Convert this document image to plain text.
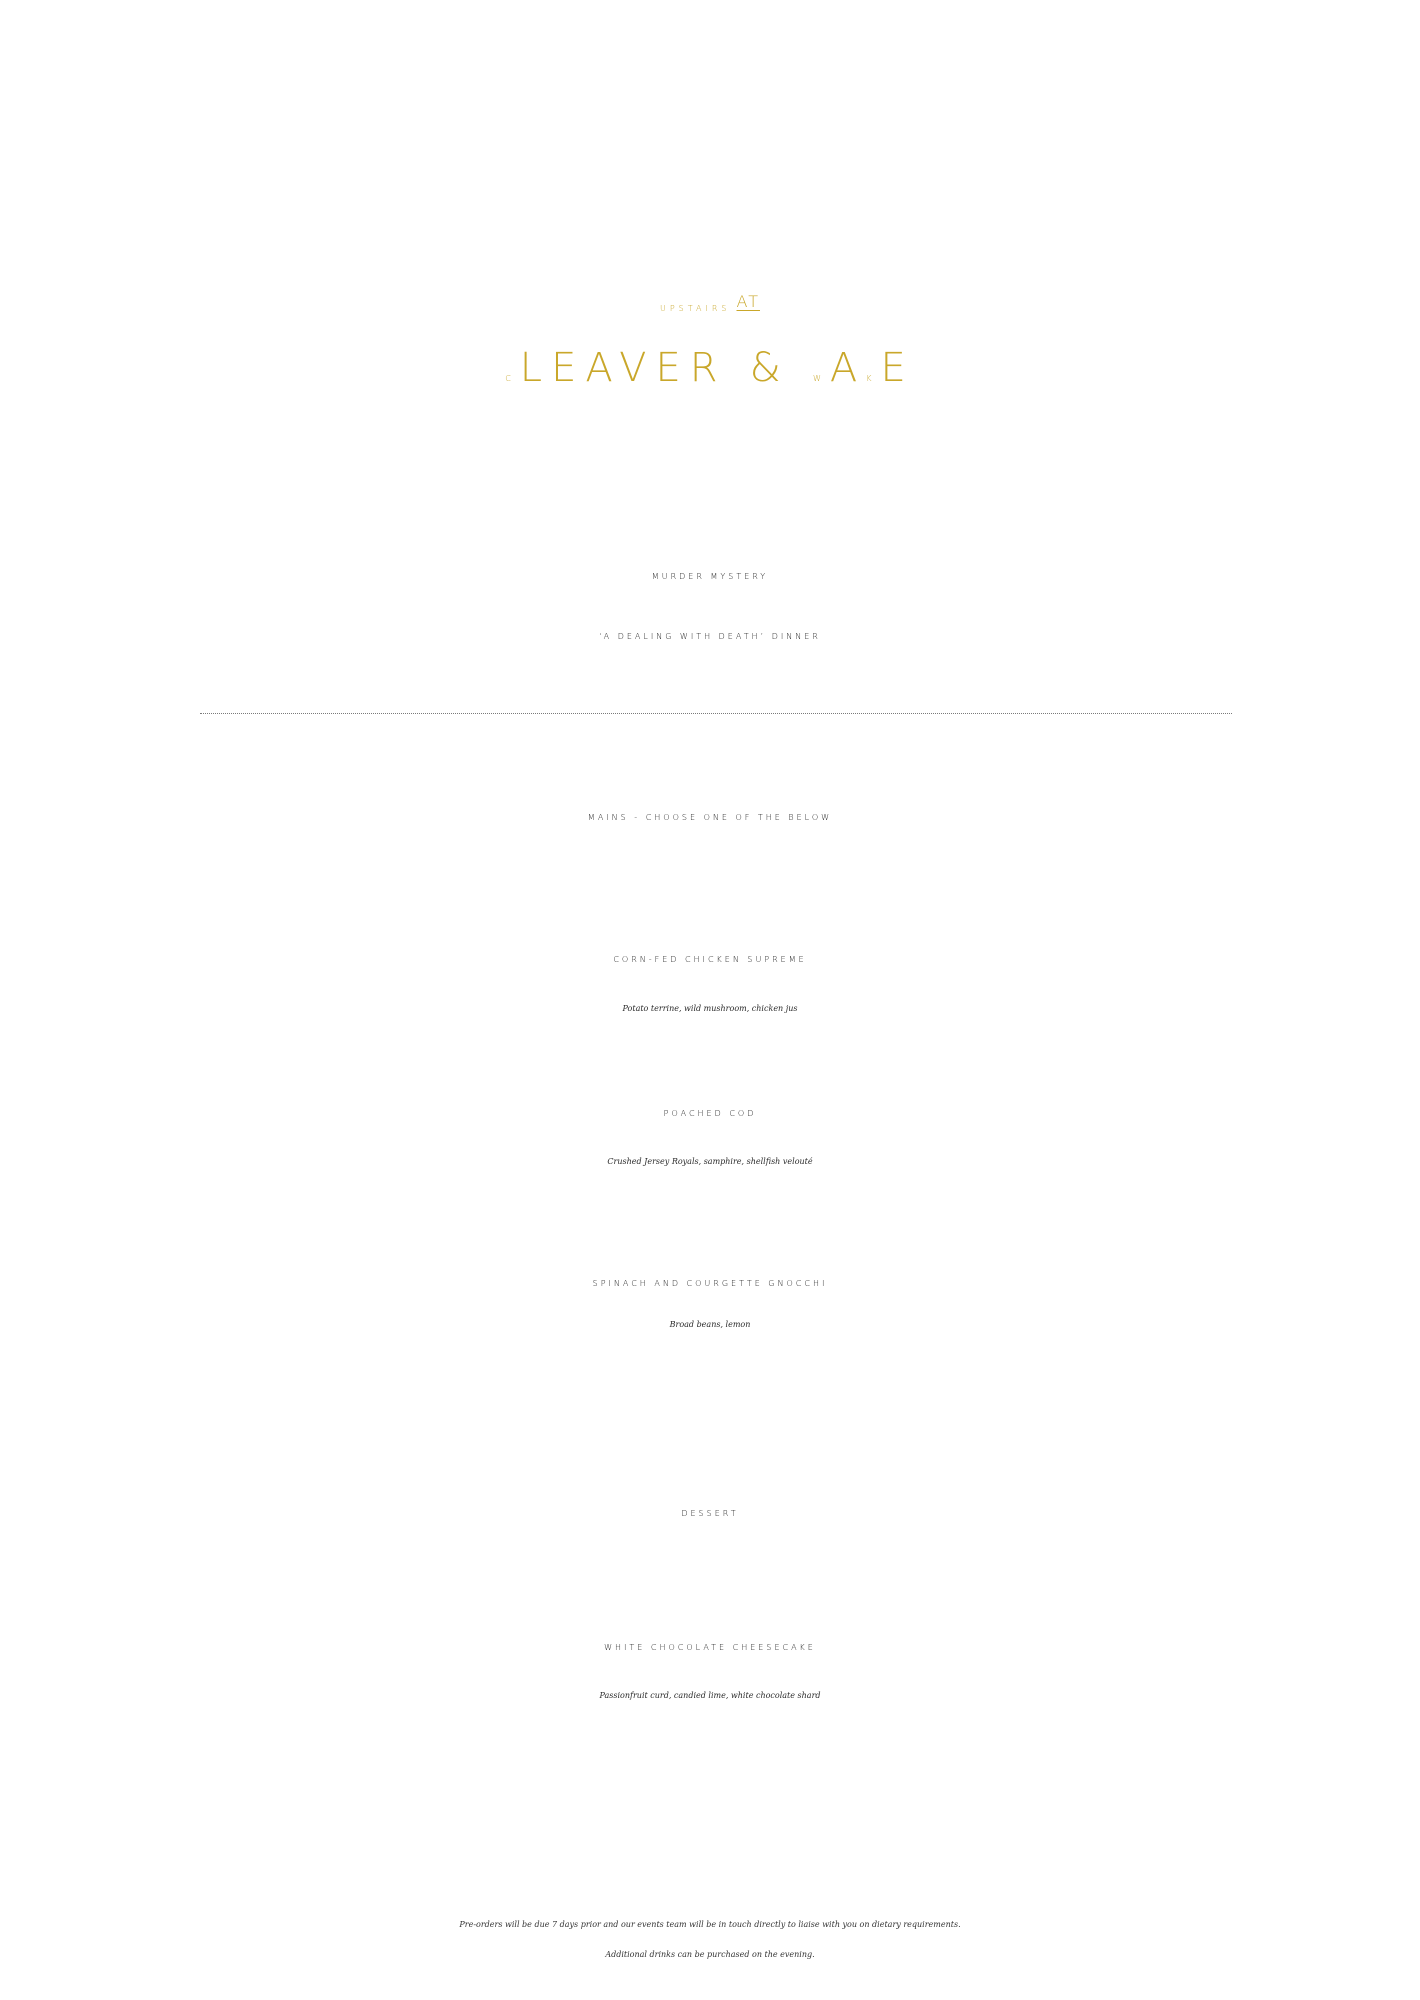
UPSTAIRS AT
CLEAVER &	WAKE
MURDER MYSTERY
‘A DEALING WITH DEATH’ DINNER
MAINS - CHOOSE ONE OF THE BELOW
CORN-FED CHICKEN SUPREME
Potato terrine, wild mushroom, chicken jus
POACHED COD
Crushed Jersey Royals, samphire, shellfish velouté
SPINACH AND COURGETTE GNOCCHI
Broad beans, lemon
DESSERT
WHITE CHOCOLATE CHEESECAKE
Passionfruit curd, candied lime, white chocolate shard
Pre-orders will be due 7 days prior and our events team will be in touch directly to liaise with you on dietary requirements.
Additional drinks can be purchased on the evening.
